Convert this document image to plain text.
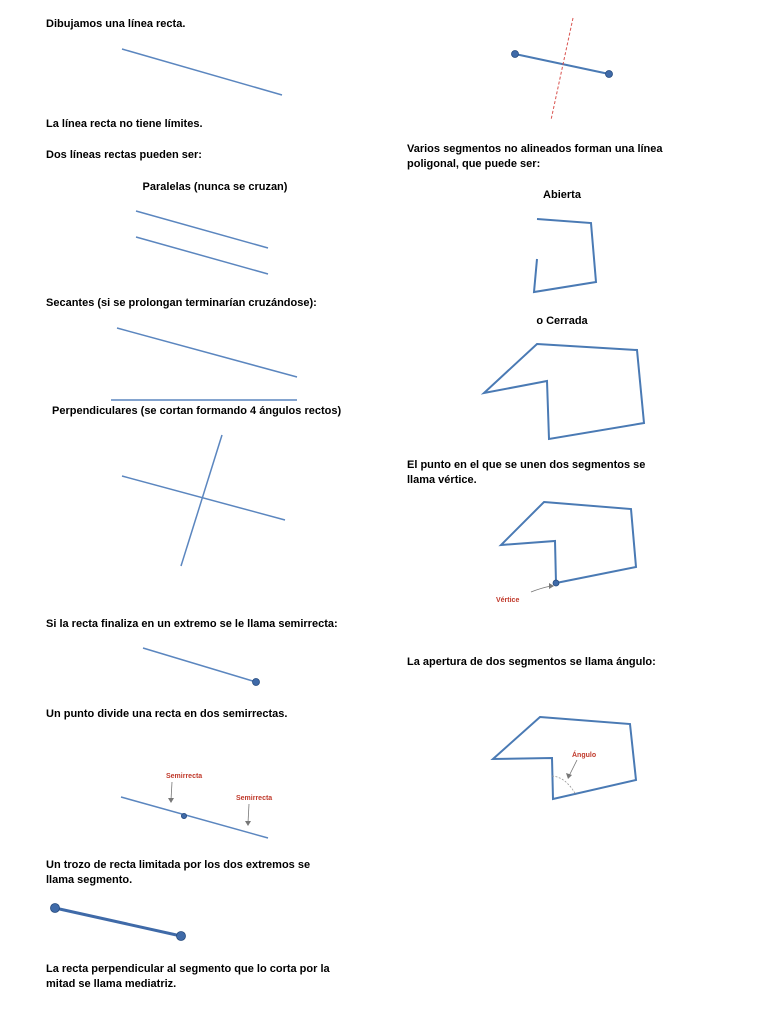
Dibujamos una línea recta.
La línea recta no tiene límites.
Dos líneas rectas pueden ser:
Paralelas (nunca se cruzan)
Secantes (si se prolongan terminarían cruzándose):
Perpendiculares (se cortan formando 4 ángulos rectos)
Si la recta finaliza en un extremo se le llama semirrecta:
Un punto divide una recta en dos semirrectas.
Un trozo de recta limitada por los dos extremos se
llama segmento.
La recta perpendicular al segmento que lo corta por la
mitad se llama mediatriz.
Varios segmentos no alineados forman una línea
poligonal, que puede ser:
Abierta
o Cerrada
El punto en el que se unen dos segmentos se
llama vértice.
La apertura de dos segmentos se llama ángulo:
Semirrecta
Semirrecta
Vértice
Ángulo
